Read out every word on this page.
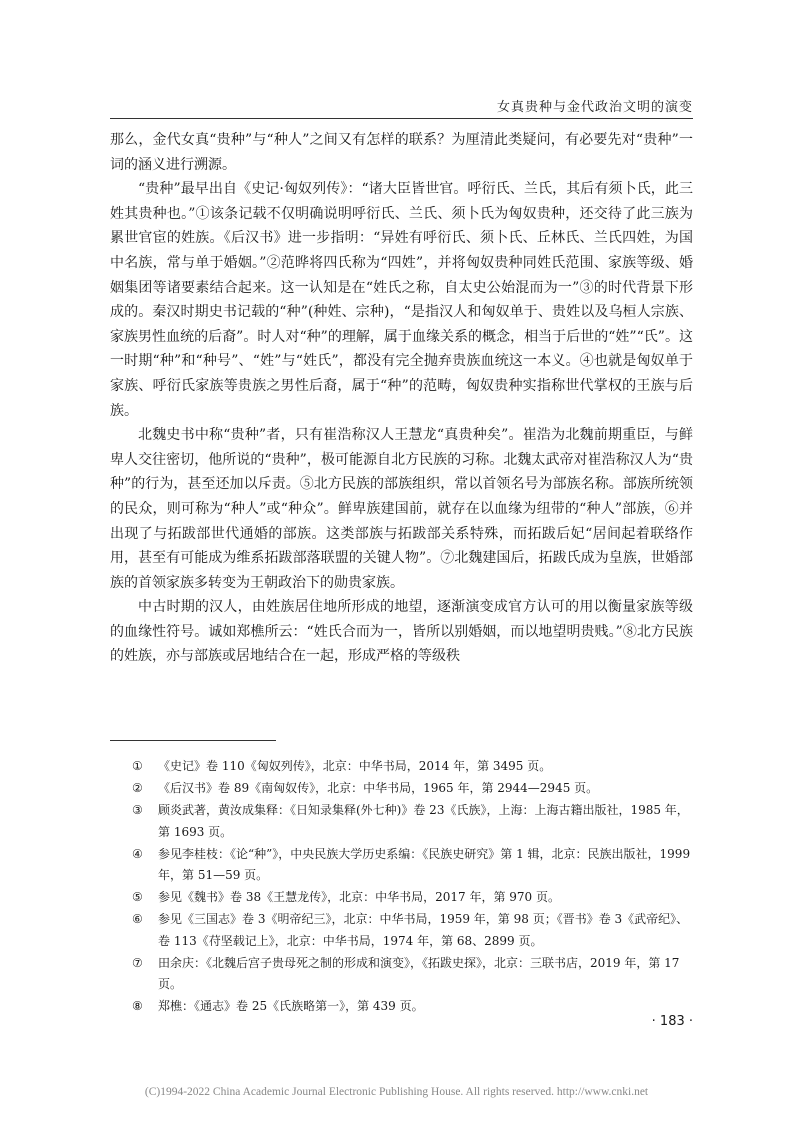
女真贵种与金代政治文明的演变

那么，金代女真“贵种”与“种人”之间又有怎样的联系？为厘清此类疑问，有必要先对“贵种”一词的涵义进行溯源。

“贵种”最早出自《史记·匈奴列传》：“诸大臣皆世官。呼衍氏、兰氏，其后有须卜氏，此三姓其贵种也。”①该条记载不仅明确说明呼衍氏、兰氏、须卜氏为匈奴贵种，还交待了此三族为累世官宦的姓族。《后汉书》进一步指明：“异姓有呼衍氏、须卜氏、丘林氏、兰氏四姓，为国中名族，常与单于婚姻。”②范晔将四氏称为“四姓”，并将匈奴贵种同姓氏范围、家族等级、婚姻集团等诸要素结合起来。这一认知是在“姓氏之称，自太史公始混而为一”③的时代背景下形成的。秦汉时期史书记载的“种”(种姓、宗种)，“是指汉人和匈奴单于、贵姓以及乌桓人宗族、家族男性血统的后裔”。时人对“种”的理解，属于血缘关系的概念，相当于后世的“姓”“氏”。这一时期“种”和“种号”、“姓”与“姓氏”，都没有完全抛弃贵族血统这一本义。④也就是匈奴单于家族、呼衍氏家族等贵族之男性后裔，属于“种”的范畴，匈奴贵种实指称世代掌权的王族与后族。

北魏史书中称“贵种”者，只有崔浩称汉人王慧龙“真贵种矣”。崔浩为北魏前期重臣，与鲜卑人交往密切，他所说的“贵种”，极可能源自北方民族的习称。北魏太武帝对崔浩称汉人为“贵种”的行为，甚至还加以斥责。⑤北方民族的部族组织，常以首领名号为部族名称。部族所统领的民众，则可称为“种人”或“种众”。鲜卑族建国前，就存在以血缘为纽带的“种人”部族，⑥并出现了与拓跋部世代通婚的部族。这类部族与拓跋部关系特殊，而拓跋后妃“居间起着联络作用，甚至有可能成为维系拓跋部落联盟的关键人物”。⑦北魏建国后，拓跋氏成为皇族，世婚部族的首领家族多转变为王朝政治下的勋贵家族。

中古时期的汉人，由姓族居住地所形成的地望，逐渐演变成官方认可的用以衡量家族等级的血缘性符号。诚如郑樵所云：“姓氏合而为一，皆所以别婚姻，而以地望明贵贱。”⑧北方民族的姓族，亦与部族或居地结合在一起，形成严格的等级秩

① 《史记》卷 110《匈奴列传》，北京：中华书局，2014 年，第 3495 页。
② 《后汉书》卷 89《南匈奴传》，北京：中华书局，1965 年，第 2944—2945 页。
③ 顾炎武著，黄汝成集释：《日知录集释(外七种)》卷 23《氏族》，上海：上海古籍出版社，1985 年，第 1693 页。
④ 参见李桂枝：《论“种”》，中央民族大学历史系编：《民族史研究》第 1 辑，北京：民族出版社，1999 年，第 51—59 页。
⑤ 参见《魏书》卷 38《王慧龙传》，北京：中华书局，2017 年，第 970 页。
⑥ 参见《三国志》卷 3《明帝纪三》，北京：中华书局，1959 年，第 98 页；《晋书》卷 3《武帝纪》、卷 113《苻坚载记上》，北京：中华书局，1974 年，第 68、2899 页。
⑦ 田余庆：《北魏后宫子贵母死之制的形成和演变》，《拓跋史探》，北京：三联书店，2019 年，第 17 页。
⑧ 郑樵：《通志》卷 25《氏族略第一》，第 439 页。
· 183 ·
(C)1994-2022 China Academic Journal Electronic Publishing House. All rights reserved. http://www.cnki.net
